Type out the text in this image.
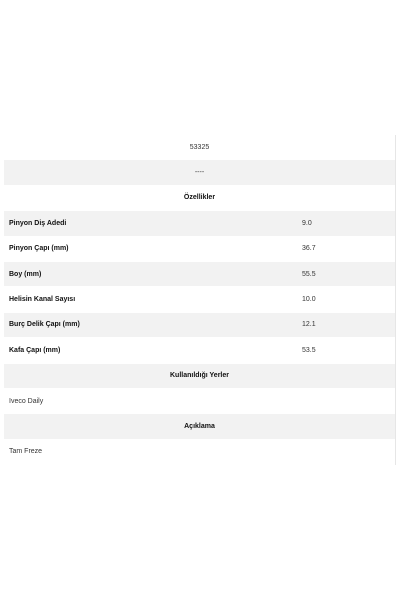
53325
----
Özellikler
Pinyon Diş Adedi	9.0
Pinyon Çapı (mm)	36.7
Boy (mm)	55.5
Helisin Kanal Sayısı	10.0
Burç Delik Çapı (mm)	12.1
Kafa Çapı (mm)	53.5
Kullanıldığı Yerler
Iveco Daily
Açıklama
Tam Freze
